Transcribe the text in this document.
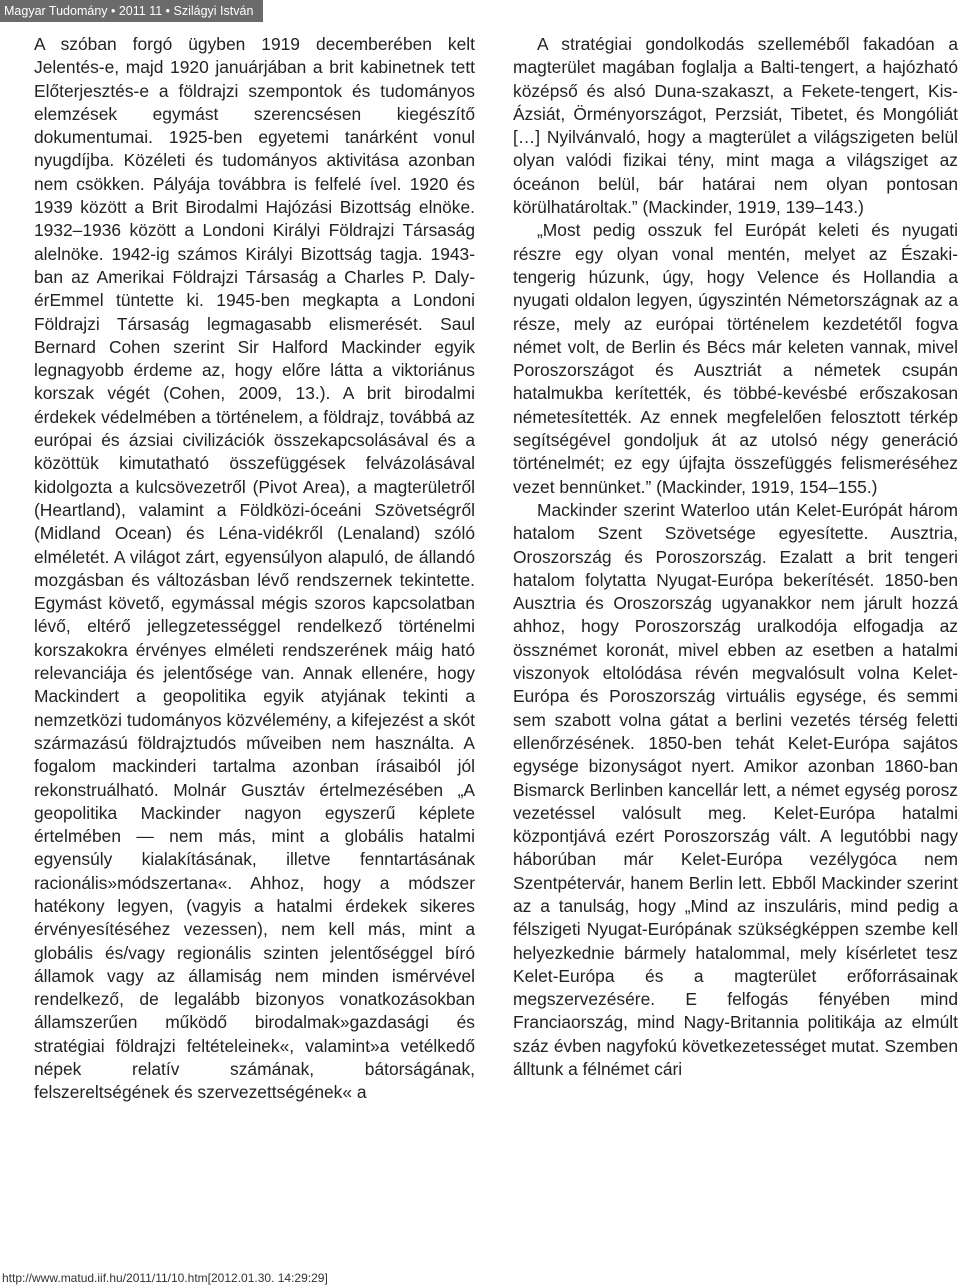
Magyar Tudomány • 2011 11 • Szilágyi István

A szóban forgó ügyben 1919 decemberében kelt Jelentés-e, majd 1920 januárjában a brit kabinetnek tett Előterjesztés-e a földrajzi szempontok és tudományos elemzések egymást szerencsésen kiegészítő dokumentumai. 1925-ben egyetemi tanárként vonul nyugdíjba. Közéleti és tudományos aktivitása azonban nem csökken. Pályája továbbra is felfelé ível. 1920 és 1939 között a Brit Birodalmi Hajózási Bizottság elnöke. 1932–1936 között a Londoni Királyi Földrajzi Társaság alelnöke. 1942-ig számos Királyi Bizottság tagja. 1943-ban az Amerikai Földrajzi Társaság a Charles P. Daly-érEmmel tüntette ki. 1945-ben megkapta a Londoni Földrajzi Társaság legmagasabb elismerését. Saul Bernard Cohen szerint Sir Halford Mackinder egyik legnagyobb érdeme az, hogy előre látta a viktoriánus korszak végét (Cohen, 2009, 13.). A brit birodalmi érdekek védelmében a történelem, a földrajz, továbbá az európai és ázsiai civilizációk összekapcsolásával és a közöttük kimutatható összefüggések felvázolásával kidolgozta a kulcsövezetről (Pivot Area), a magterületről (Heartland), valamint a Földközi-óceáni Szövetségről (Midland Ocean) és Léna-vidékről (Lenaland) szóló elméletét. A világot zárt, egyensúlyon alapuló, de állandó mozgásban és változásban lévő rendszernek tekintette. Egymást követő, egymással mégis szoros kapcsolatban lévő, eltérő jellegzetességgel rendelkező történelmi korszakokra érvényes elméleti rendszerének máig ható relevanciája és jelentősége van. Annak ellenére, hogy Mackindert a geopolitika egyik atyjának tekinti a nemzetközi tudományos közvélemény, a kifejezést a skót származású földrajztudós műveiben nem használta. A fogalom mackinderi tartalma azonban írásaiból jól rekonstruálható. Molnár Gusztáv értelmezésében „A geopolitika Mackinder nagyon egyszerű képlete értelmében — nem más, mint a globális hatalmi egyensúly kialakításának, illetve fenntartásának racionális»módszertana«. Ahhoz, hogy a módszer hatékony legyen, (vagyis a hatalmi érdekek sikeres érvényesítéséhez vezessen), nem kell más, mint a globális és/vagy regionális szinten jelentőséggel bíró államok vagy az államiság nem minden ismérvével rendelkező, de legalább bizonyos vonatkozásokban államszerűen működő birodalmak»gazdasági és stratégiai földrajzi feltételeinek«, valamint»a vetélkedő népek relatív számának, bátorságának, felszereltségének és szervezettségének« a

A stratégiai gondolkodás szelleméből fakadóan a magterület magában foglalja a Balti-tengert, a hajózható középső és alsó Duna-szakaszt, a Fekete-tengert, Kis-Ázsiát, Örményországot, Perzsiát, Tibetet, és Mongóliát […] Nyilvánvaló, hogy a magterület a világszigeten belül olyan valódi fizikai tény, mint maga a világsziget az óceánon belül, bár határai nem olyan pontosan körülhatároltak.” (Mackinder, 1919, 139–143.)

„Most pedig osszuk fel Európát keleti és nyugati részre egy olyan vonal mentén, melyet az Északi-tengerig húzunk, úgy, hogy Velence és Hollandia a nyugati oldalon legyen, úgyszintén Németországnak az a része, mely az európai történelem kezdetétől fogva német volt, de Berlin és Bécs már keleten vannak, mivel Poroszországot és Ausztriát a németek csupán hatalmukba kerítették, és többé-kevésbé erőszakosan németesítették. Az ennek megfelelően felosztott térkép segítségével gondoljuk át az utolsó négy generáció történelmét; ez egy újfajta összefüggés felismeréséhez vezet bennünket.” (Mackinder, 1919, 154–155.)

Mackinder szerint Waterloo után Kelet-Európát három hatalom Szent Szövetsége egyesítette. Ausztria, Oroszország és Poroszország. Ezalatt a brit tengeri hatalom folytatta Nyugat-Európa bekerítését. 1850-ben Ausztria és Oroszország ugyanakkor nem járult hozzá ahhoz, hogy Poroszország uralkodója elfogadja az össznémet koronát, mivel ebben az esetben a hatalmi viszonyok eltolódása révén megvalósult volna Kelet-Európa és Poroszország virtuális egysége, és semmi sem szabott volna gátat a berlini vezetés térség feletti ellenőrzésének. 1850-ben tehát Kelet-Európa sajátos egysége bizonyságot nyert. Amikor azonban 1860-ban Bismarck Berlinben kancellár lett, a német egység porosz vezetéssel valósult meg. Kelet-Európa hatalmi központjává ezért Poroszország vált. A legutóbbi nagy háborúban már Kelet-Európa vezélygóca nem Szentpétervár, hanem Berlin lett. Ebből Mackinder szerint az a tanulság, hogy „Mind az inszuláris, mind pedig a félszigeti Nyugat-Európának szükségképpen szembe kell helyezkednie bármely hatalommal, mely kísérletet tesz Kelet-Európa és a magterület erőforrásainak megszervezésére. E felfogás fényében mind Franciaország, mind Nagy-Britannia politikája az elmúlt száz évben nagyfokú következetességet mutat. Szemben álltunk a félnémet cári

http://www.matud.iif.hu/2011/11/10.htm[2012.01.30. 14:29:29]
